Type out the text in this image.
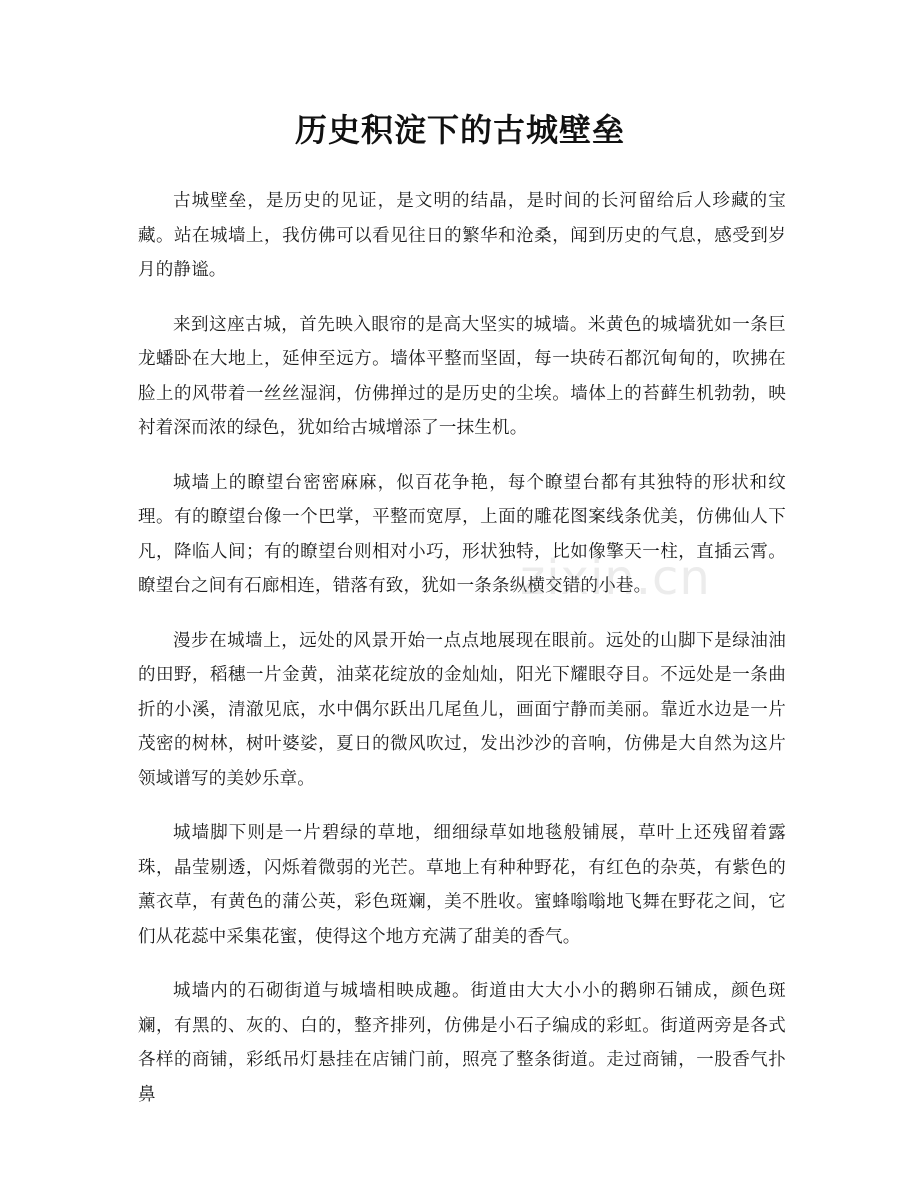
历史积淀下的古城壁垒

古城壁垒，是历史的见证，是文明的结晶，是时间的长河留给后人珍藏的宝藏。站在城墙上，我仿佛可以看见往日的繁华和沧桑，闻到历史的气息，感受到岁月的静谧。

来到这座古城，首先映入眼帘的是高大坚实的城墙。米黄色的城墙犹如一条巨龙蟠卧在大地上，延伸至远方。墙体平整而坚固，每一块砖石都沉甸甸的，吹拂在脸上的风带着一丝丝湿润，仿佛掸过的是历史的尘埃。墙体上的苔藓生机勃勃，映衬着深而浓的绿色，犹如给古城增添了一抹生机。

城墙上的瞭望台密密麻麻，似百花争艳，每个瞭望台都有其独特的形状和纹理。有的瞭望台像一个巴掌，平整而宽厚，上面的雕花图案线条优美，仿佛仙人下凡，降临人间；有的瞭望台则相对小巧，形状独特，比如像擎天一柱，直插云霄。瞭望台之间有石廊相连，错落有致，犹如一条条纵横交错的小巷。

漫步在城墙上，远处的风景开始一点点地展现在眼前。远处的山脚下是绿油油的田野，稻穗一片金黄，油菜花绽放的金灿灿，阳光下耀眼夺目。不远处是一条曲折的小溪，清澈见底，水中偶尔跃出几尾鱼儿，画面宁静而美丽。靠近水边是一片茂密的树林，树叶婆娑，夏日的微风吹过，发出沙沙的音响，仿佛是大自然为这片领域谱写的美妙乐章。

城墙脚下则是一片碧绿的草地，细细绿草如地毯般铺展，草叶上还残留着露珠，晶莹剔透，闪烁着微弱的光芒。草地上有种种野花，有红色的杂英，有紫色的薰衣草，有黄色的蒲公英，彩色斑斓，美不胜收。蜜蜂嗡嗡地飞舞在野花之间，它们从花蕊中采集花蜜，使得这个地方充满了甜美的香气。

城墙内的石砌街道与城墙相映成趣。街道由大大小小的鹅卵石铺成，颜色斑斓，有黑的、灰的、白的，整齐排列，仿佛是小石子编成的彩虹。街道两旁是各式各样的商铺，彩纸吊灯悬挂在店铺门前，照亮了整条街道。走过商铺，一股香气扑鼻

zixin.cn
